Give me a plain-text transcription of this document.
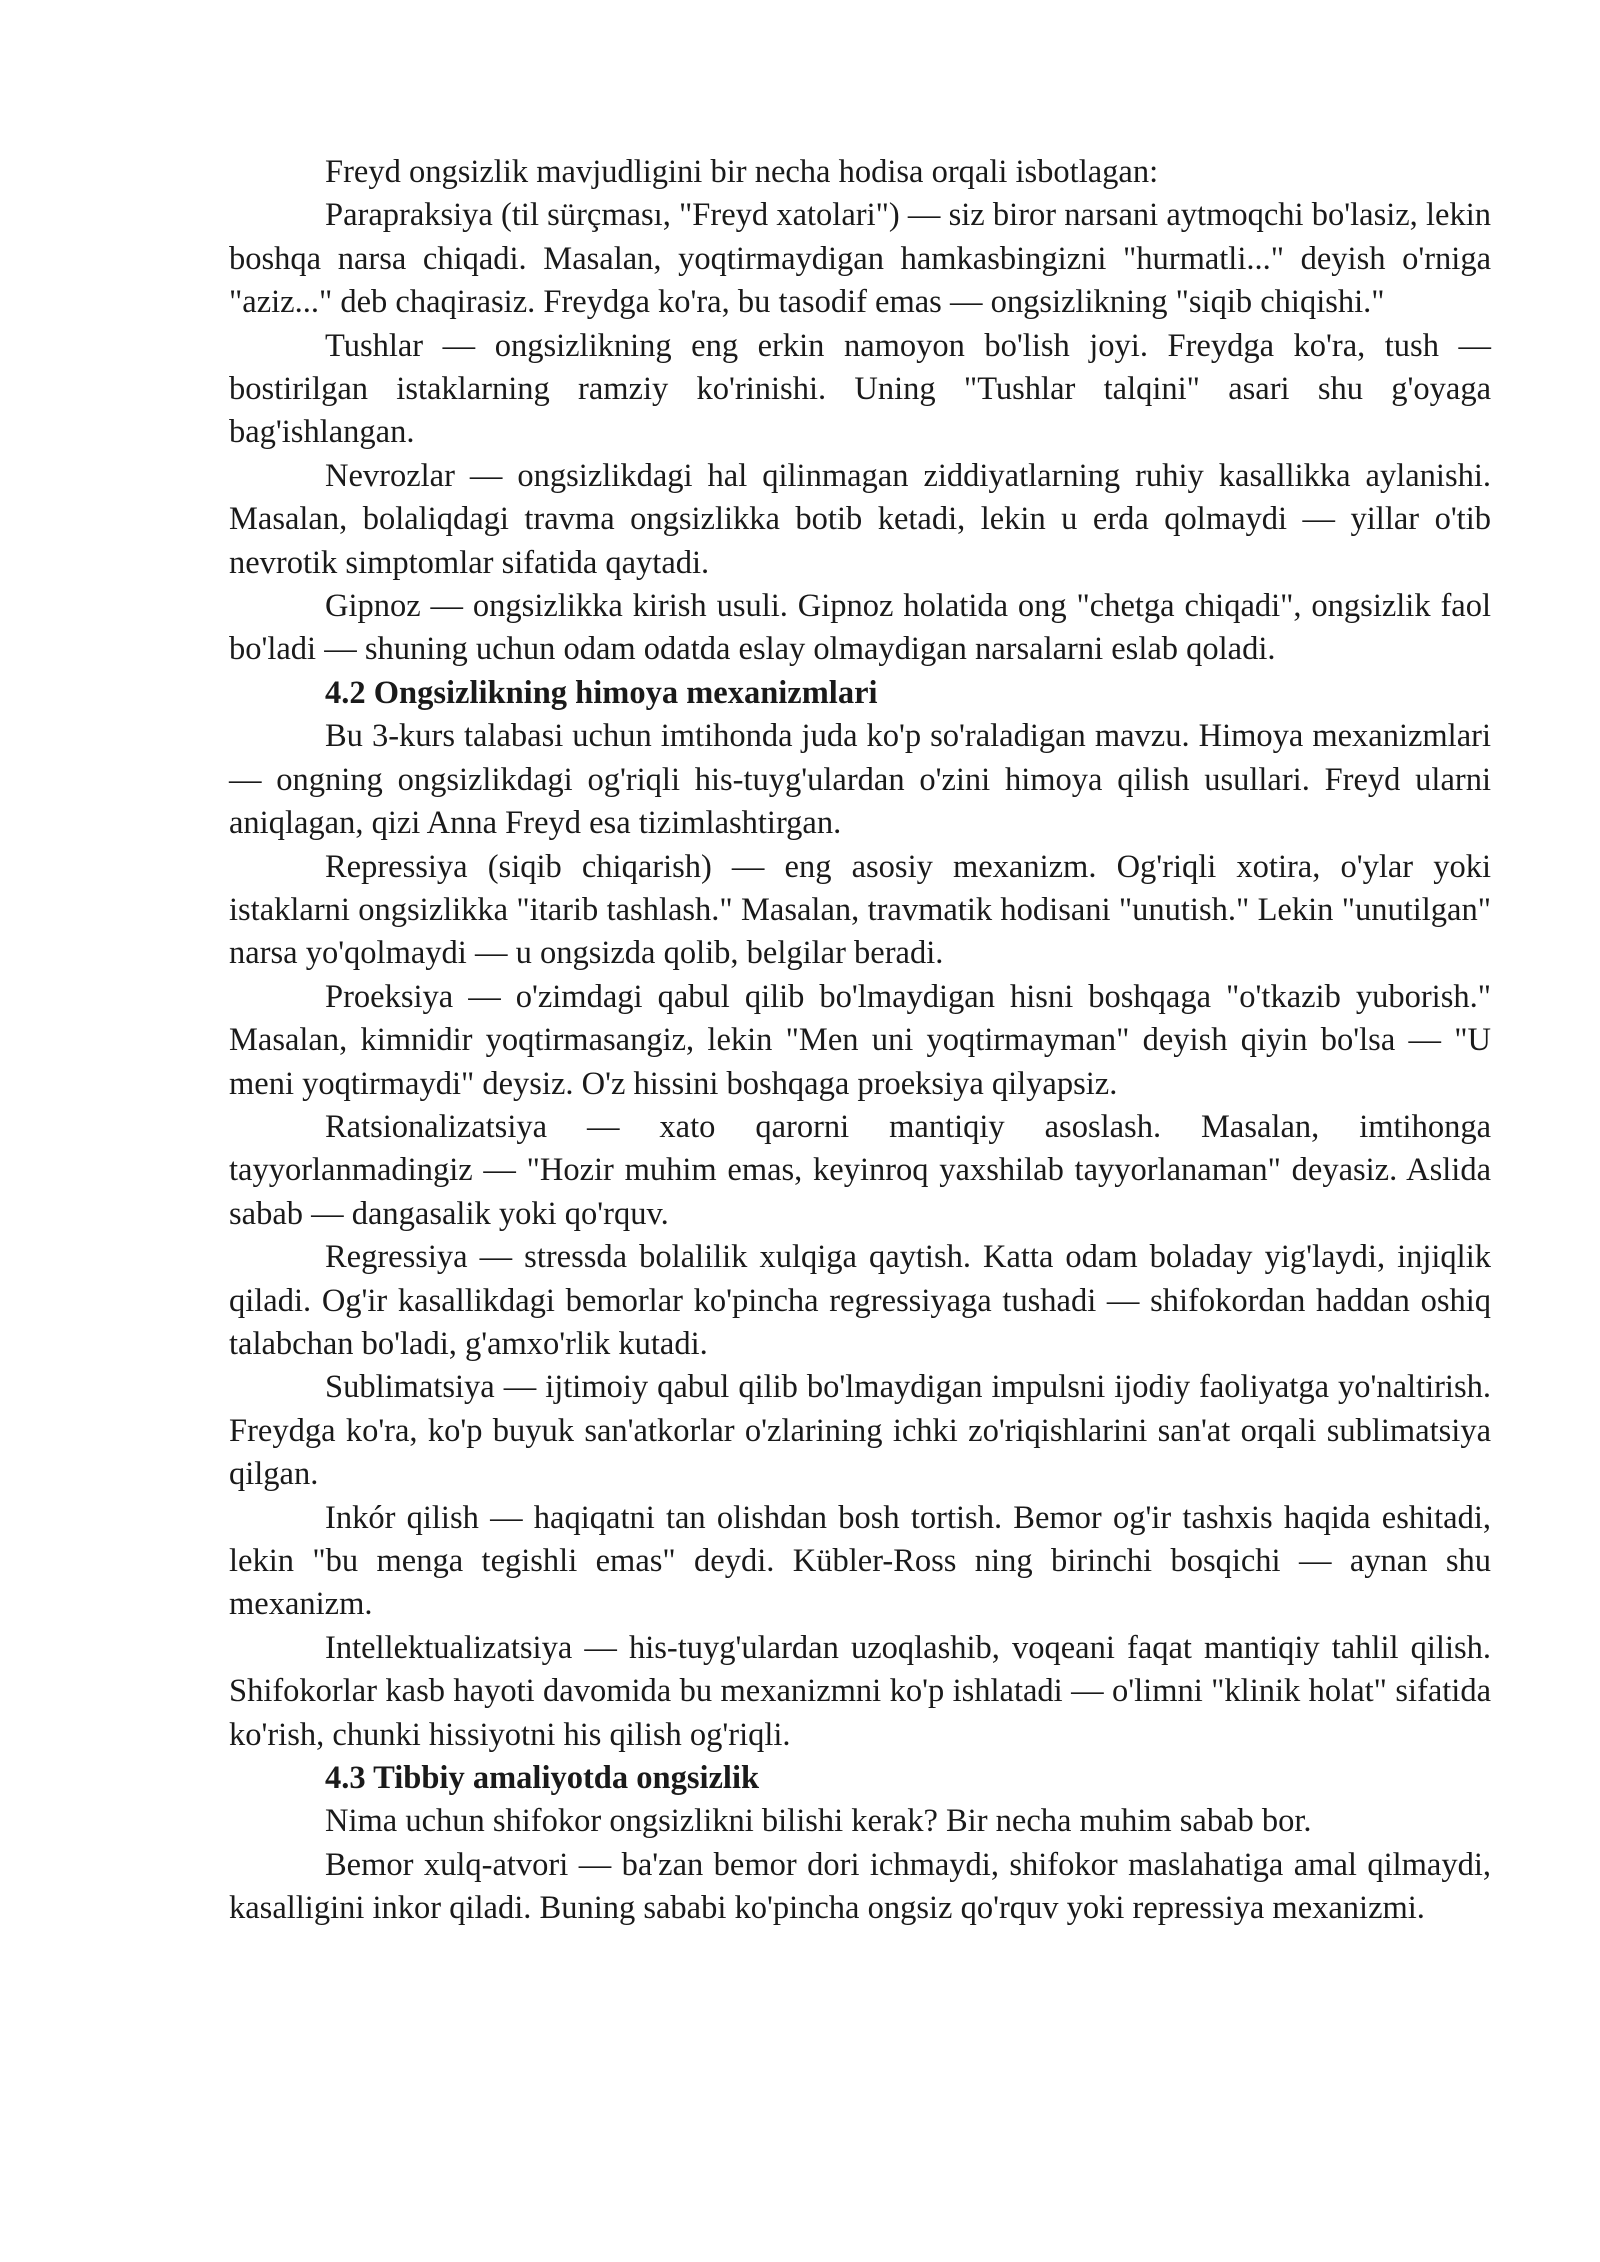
Freyd ongsizlik mavjudligini bir necha hodisa orqali isbotlagan:

Parapraksiya (til sürçması, "Freyd xatolari") — siz biror narsani aytmoqchi bo'lasiz, lekin boshqa narsa chiqadi. Masalan, yoqtirmaydigan hamkasbingizni "hurmatli..." deyish o'rniga "aziz..." deb chaqirasiz. Freydga ko'ra, bu tasodif emas — ongsizlikning "siqib chiqishi."

Tushlar — ongsizlikning eng erkin namoyon bo'lish joyi. Freydga ko'ra, tush — bostirilgan istaklarning ramziy ko'rinishi. Uning "Tushlar talqini" asari shu g'oyaga bag'ishlangan.

Nevrozlar — ongsizlikdagi hal qilinmagan ziddiyatlarning ruhiy kasallikka aylanishi. Masalan, bolaliqdagi travma ongsizlikka botib ketadi, lekin u erda qolmaydi — yillar o'tib nevrotik simptomlar sifatida qaytadi.

Gipnoz — ongsizlikka kirish usuli. Gipnoz holatida ong "chetga chiqadi", ongsizlik faol bo'ladi — shuning uchun odam odatda eslay olmaydigan narsalarni eslab qoladi.

4.2 Ongsizlikning himoya mexanizmlari

Bu 3-kurs talabasi uchun imtihonda juda ko'p so'raladigan mavzu. Himoya mexanizmlari — ongning ongsizlikdagi og'riqli his-tuyg'ulardan o'zini himoya qilish usullari. Freyd ularni aniqlagan, qizi Anna Freyd esa tizimlashtirgan.

Repressiya (siqib chiqarish) — eng asosiy mexanizm. Og'riqli xotira, o'ylar yoki istaklarni ongsizlikka "itarib tashlash." Masalan, travmatik hodisani "unutish." Lekin "unutilgan" narsa yo'qolmaydi — u ongsizda qolib, belgilar beradi.

Proeksiya — o'zimdagi qabul qilib bo'lmaydigan hisni boshqaga "o'tkazib yuborish." Masalan, kimnidir yoqtirmasangiz, lekin "Men uni yoqtirmayman" deyish qiyin bo'lsa — "U meni yoqtirmaydi" deysiz. O'z hissini boshqaga proeksiya qilyapsiz.

Ratsionalizatsiya — xato qarorni mantiqiy asoslash. Masalan, imtihonga tayyorlanmadingiz — "Hozir muhim emas, keyinroq yaxshilab tayyorlanaman" deyasiz. Aslida sabab — dangasalik yoki qo'rquv.

Regressiya — stressda bolalilik xulqiga qaytish. Katta odam boladay yig'laydi, injiqlik qiladi. Og'ir kasallikdagi bemorlar ko'pincha regressiyaga tushadi — shifokordan haddan oshiq talabchan bo'ladi, g'amxo'rlik kutadi.

Sublimatsiya — ijtimoiy qabul qilib bo'lmaydigan impulsni ijodiy faoliyatga yo'naltirish. Freydga ko'ra, ko'p buyuk san'atkorlar o'zlarining ichki zo'riqishlarini san'at orqali sublimatsiya qilgan.

Inkór qilish — haqiqatni tan olishdan bosh tortish. Bemor og'ir tashxis haqida eshitadi, lekin "bu menga tegishli emas" deydi. Kübler-Ross ning birinchi bosqichi — aynan shu mexanizm.

Intellektualizatsiya — his-tuyg'ulardan uzoqlashib, voqeani faqat mantiqiy tahlil qilish. Shifokorlar kasb hayoti davomida bu mexanizmni ko'p ishlatadi — o'limni "klinik holat" sifatida ko'rish, chunki hissiyotni his qilish og'riqli.

4.3 Tibbiy amaliyotda ongsizlik

Nima uchun shifokor ongsizlikni bilishi kerak? Bir necha muhim sabab bor.

Bemor xulq-atvori — ba'zan bemor dori ichmaydi, shifokor maslahatiga amal qilmaydi, kasalligini inkor qiladi. Buning sababi ko'pincha ongsiz qo'rquv yoki repressiya mexanizmi.
